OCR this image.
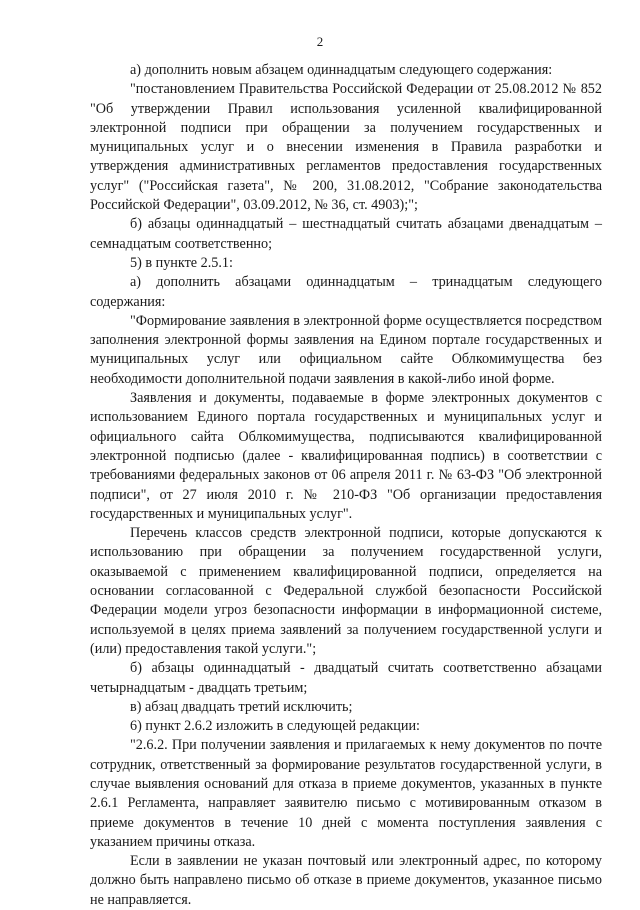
2

а) дополнить новым абзацем одиннадцатым следующего содержания:

"постановлением Правительства Российской Федерации от 25.08.2012 № 852 "Об утверждении Правил использования усиленной квалифицированной электронной подписи при обращении за получением государственных и муниципальных услуг и о внесении изменения в Правила разработки и утверждения административных регламентов предоставления государственных услуг" ("Российская газета", № 200, 31.08.2012, "Собрание законодательства Российской Федерации", 03.09.2012, № 36, ст. 4903);";

б) абзацы одиннадцатый – шестнадцатый считать абзацами двенадцатым – семнадцатым соответственно;

5) в пункте 2.5.1:

а) дополнить абзацами одиннадцатым – тринадцатым следующего содержания:

"Формирование заявления в электронной форме осуществляется посредством заполнения электронной формы заявления на Едином портале государственных и муниципальных услуг или официальном сайте Облкомимущества без необходимости дополнительной подачи заявления в какой-либо иной форме.

Заявления и документы, подаваемые в форме электронных документов с использованием Единого портала государственных и муниципальных услуг и официального сайта Облкомимущества, подписываются квалифицированной электронной подписью (далее - квалифицированная подпись) в соответствии с требованиями федеральных законов от 06 апреля 2011 г. № 63-ФЗ "Об электронной подписи", от 27 июля 2010 г. № 210-ФЗ "Об организации предоставления государственных и муниципальных услуг".

Перечень классов средств электронной подписи, которые допускаются к использованию при обращении за получением государственной услуги, оказываемой с применением квалифицированной подписи, определяется на основании согласованной с Федеральной службой безопасности Российской Федерации модели угроз безопасности информации в информационной системе, используемой в целях приема заявлений за получением государственной услуги и (или) предоставления такой услуги.";

б) абзацы одиннадцатый - двадцатый считать соответственно абзацами четырнадцатым - двадцать третьим;

в) абзац двадцать третий исключить;

6) пункт 2.6.2 изложить в следующей редакции:

"2.6.2. При получении заявления и прилагаемых к нему документов по почте сотрудник, ответственный за формирование результатов государственной услуги, в случае выявления оснований для отказа в приеме документов, указанных в пункте 2.6.1 Регламента, направляет заявителю письмо с мотивированным отказом в приеме документов в течение 10 дней с момента поступления заявления с указанием причины отказа.

Если в заявлении не указан почтовый или электронный адрес, по которому должно быть направлено письмо об отказе в приеме документов, указанное письмо не направляется.
